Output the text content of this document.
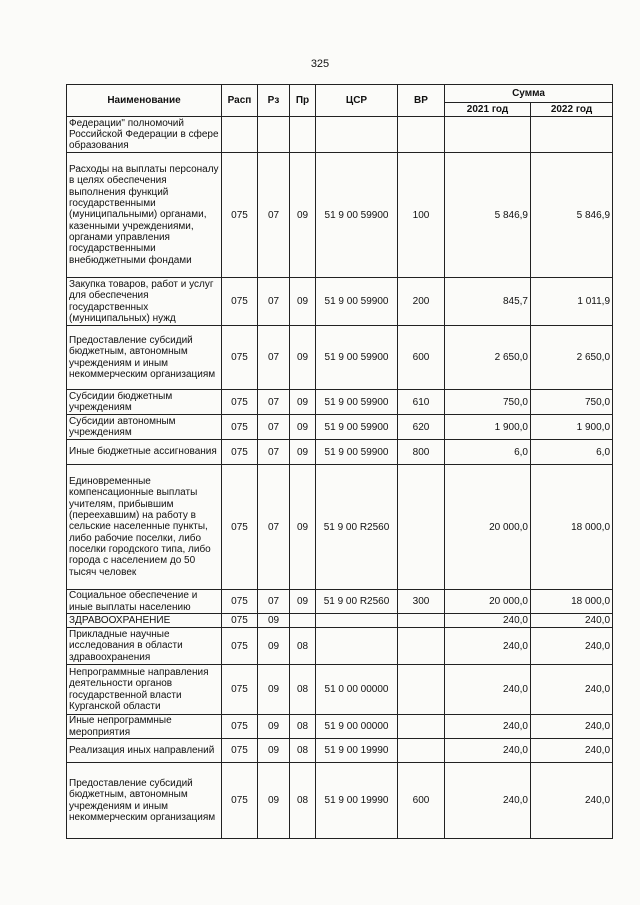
325
Наименование	Расп	Рз	Пр	ЦСР	ВР	Сумма	
						2021 год	2022 год
Федерации" полномочий Российской Федерации в сфере образования							
Расходы на выплаты персоналу в целях обеспечения выполнения функций государственными (муниципальными) органами, казенными учреждениями, органами управления государственными внебюджетными фондами	075	07	09	51 9 00 59900	100	5 846,9	5 846,9
Закупка товаров, работ и услуг для обеспечения государственных (муниципальных) нужд	075	07	09	51 9 00 59900	200	845,7	1 011,9
Предоставление субсидий бюджетным, автономным учреждениям и иным некоммерческим организациям	075	07	09	51 9 00 59900	600	2 650,0	2 650,0
Субсидии бюджетным учреждениям	075	07	09	51 9 00 59900	610	750,0	750,0
Субсидии автономным учреждениям	075	07	09	51 9 00 59900	620	1 900,0	1 900,0
Иные бюджетные ассигнования	075	07	09	51 9 00 59900	800	6,0	6,0
Единовременные компенсационные выплаты учителям, прибывшим (переехавшим) на работу в сельские населенные пункты, либо рабочие поселки, либо поселки городского типа, либо города с населением до 50 тысяч человек	075	07	09	51 9 00 R2560		20 000,0	18 000,0
Социальное обеспечение и иные выплаты населению	075	07	09	51 9 00 R2560	300	20 000,0	18 000,0
ЗДРАВООХРАНЕНИЕ	075	09				240,0	240,0
Прикладные научные исследования в области здравоохранения	075	09	08			240,0	240,0
Непрограммные направления деятельности органов государственной власти Курганской области	075	09	08	51 0 00 00000		240,0	240,0
Иные непрограммные мероприятия	075	09	08	51 9 00 00000		240,0	240,0
Реализация иных направлений	075	09	08	51 9 00 19990		240,0	240,0
Предоставление субсидий бюджетным, автономным учреждениям и иным некоммерческим организациям	075	09	08	51 9 00 19990	600	240,0	240,0
